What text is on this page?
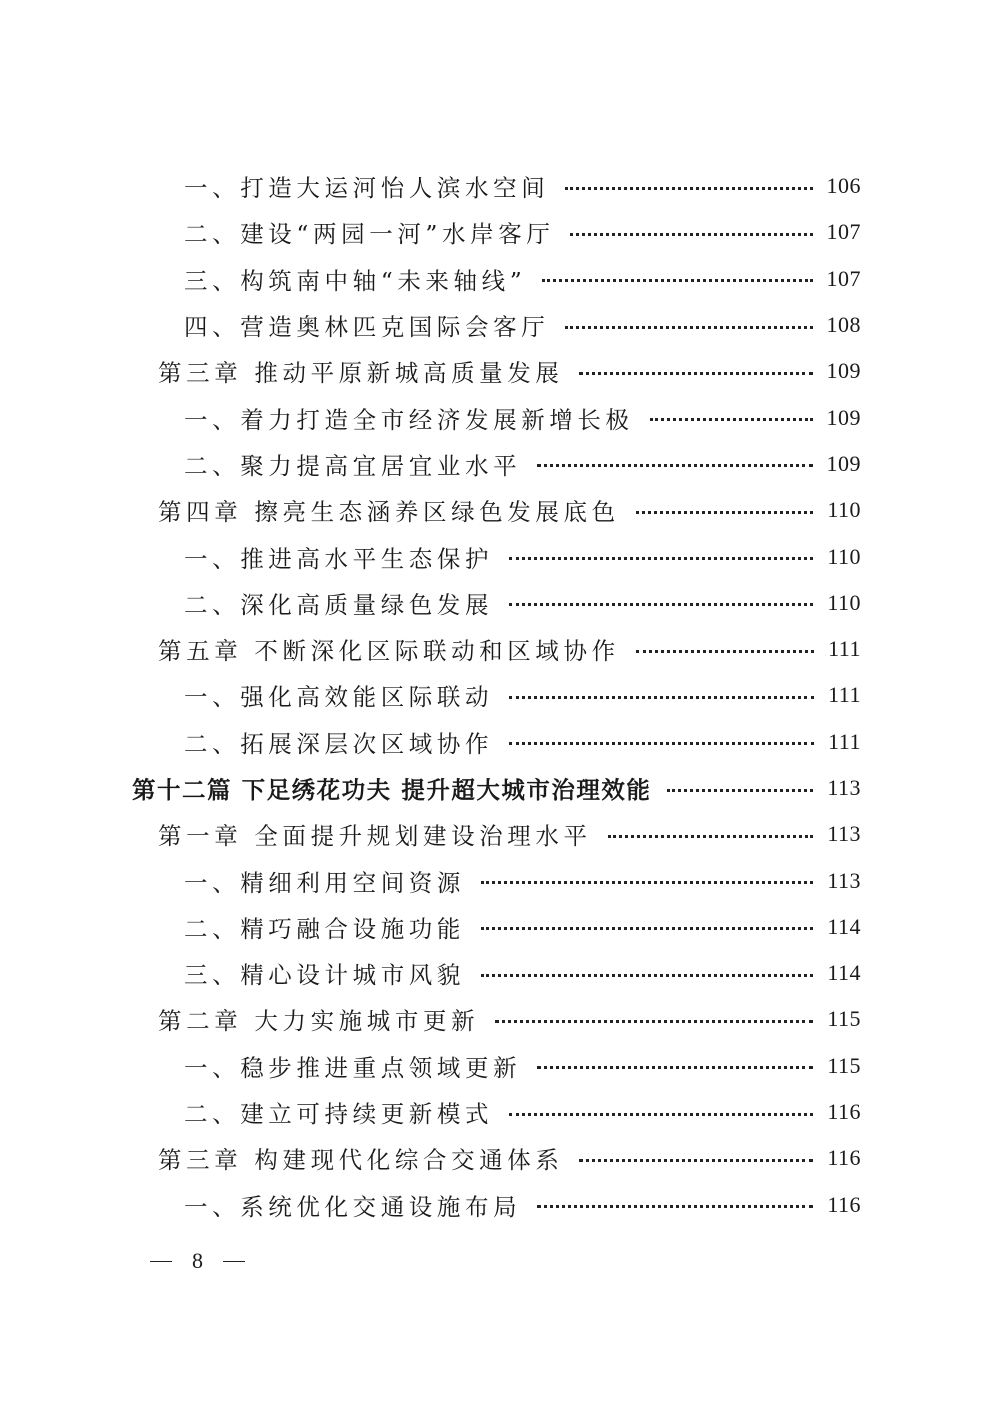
一、打造大运河怡人滨水空间	106
二、建设“两园一河”水岸客厅	107
三、构筑南中轴“未来轴线”	107
四、营造奥林匹克国际会客厅	108
第三章 推动平原新城高质量发展	109
一、着力打造全市经济发展新增长极	109
二、聚力提高宜居宜业水平	109
第四章 擦亮生态涵养区绿色发展底色	110
一、推进高水平生态保护	110
二、深化高质量绿色发展	110
第五章 不断深化区际联动和区域协作	111
一、强化高效能区际联动	111
二、拓展深层次区域协作	111
第十二篇 下足绣花功夫 提升超大城市治理效能	113
第一章 全面提升规划建设治理水平	113
一、精细利用空间资源	113
二、精巧融合设施功能	114
三、精心设计城市风貌	114
第二章 大力实施城市更新	115
一、稳步推进重点领域更新	115
二、建立可持续更新模式	116
第三章 构建现代化综合交通体系	116
一、系统优化交通设施布局	116
8
